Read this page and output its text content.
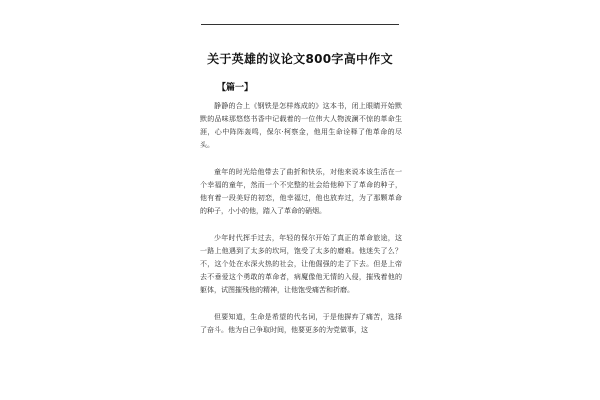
关于英雄的议论文800字高中作文
【篇一】

静静的合上《钢铁是怎样炼成的》这本书，闭上眼睛开始默默的品味那悠悠书香中记载着的一位伟大人物波澜不惊的革命生涯，心中阵阵轰鸣，保尔·柯察金，他用生命诠释了他革命的尽头。

童年的时光给他带去了曲折和快乐，对他来说本该生活在一个幸福的童年，然而一个不完整的社会给他种下了革命的种子，他有着一段美好的初恋，他幸福过，他也放弃过，为了那颗革命的种子，小小的他，踏入了革命的硝烟。

少年时代挥手过去，年轻的保尔开始了真正的革命旅途，这一路上他遇到了太多的坎坷，饱受了太多的磨难。他迷失了么？不，这个处在水深火热的社会，让他倔强的走了下去。但是上帝去不垂爱这个勇敢的革命者，病魔像他无情的入侵，摧残着他的躯体，试图摧残他的精神，让他饱受痛苦和折磨。

但要知道，生命是希望的代名词，于是他摒弃了痛苦，选择了奋斗。他为自己争取时间，他要更多的为党做事，这
